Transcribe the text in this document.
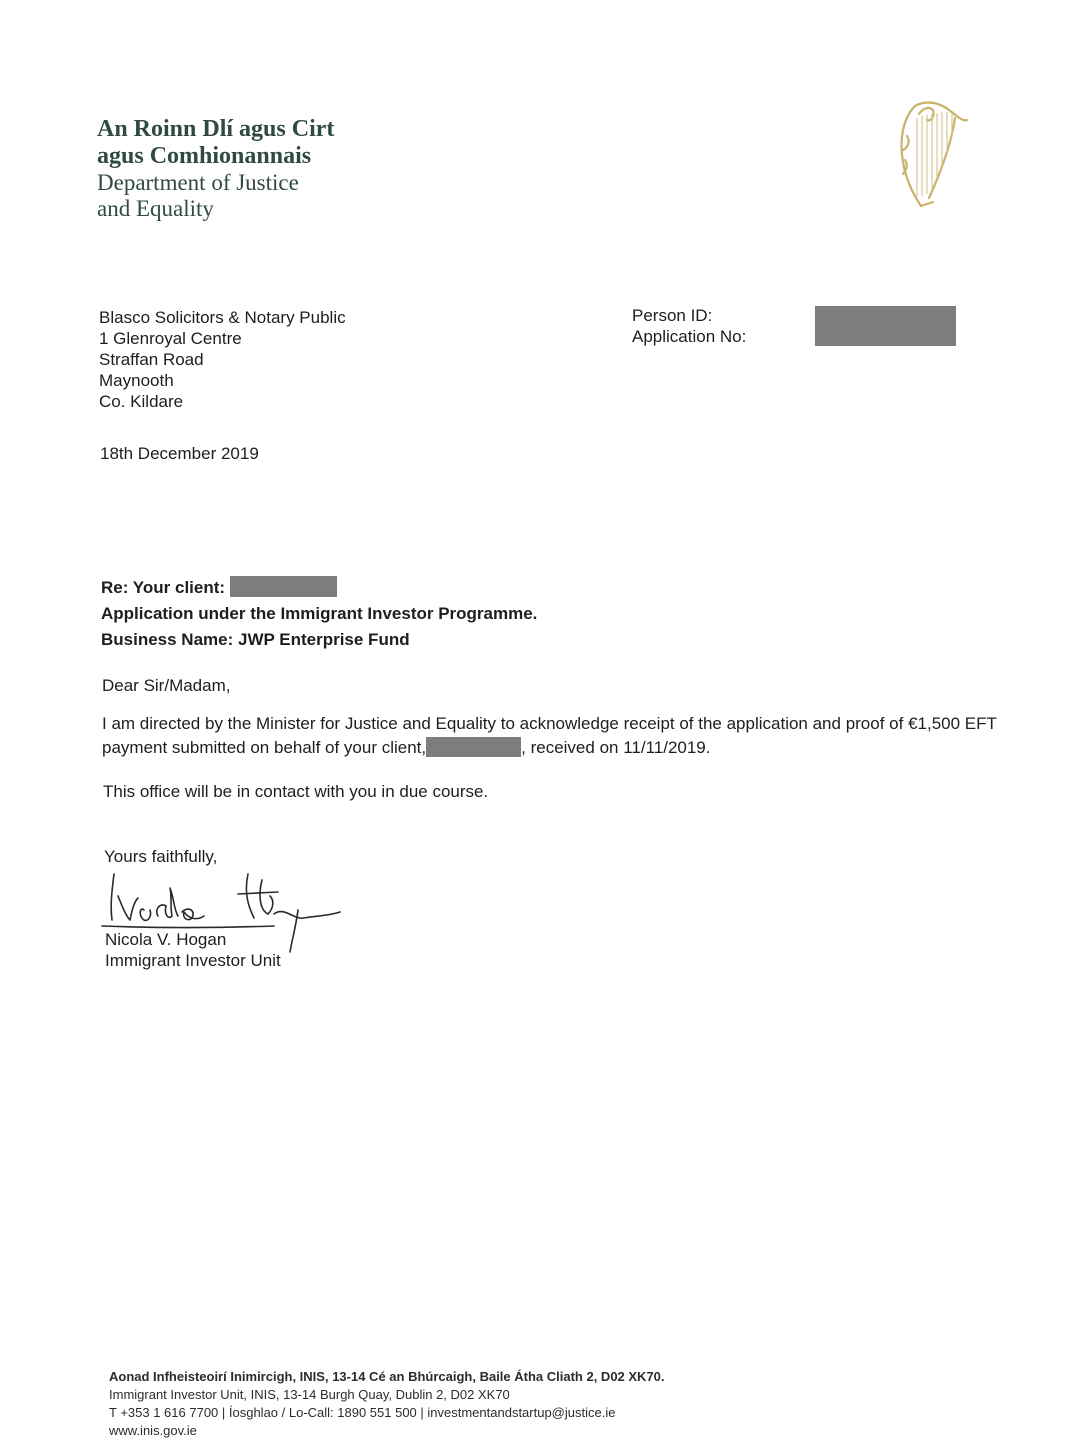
An Roinn Dlí agus Cirt
agus Comhionannais
Department of Justice
and Equality
Blasco Solicitors & Notary Public
1 Glenroyal Centre
Straffan Road
Maynooth
Co. Kildare
Person ID:
Application No:
18th December 2019
Re: Your client:
Application under the Immigrant Investor Programme.
Business Name: JWP Enterprise Fund
Dear Sir/Madam,
I am directed by the Minister for Justice and Equality to acknowledge receipt of the application and proof of €1,500 EFT payment submitted on behalf of your client,	, received on 11/11/2019.
This office will be in contact with you in due course.
Yours faithfully,
Nicola V. Hogan
Immigrant Investor Unit
Aonad Infheisteoirí Inimircigh, INIS, 13-14 Cé an Bhúrcaigh, Baile Átha Cliath 2, D02 XK70.
Immigrant Investor Unit, INIS, 13-14 Burgh Quay, Dublin 2, D02 XK70
T +353 1 616 7700 | Íosghlao / Lo-Call: 1890 551 500 | investmentandstartup@justice.ie
www.inis.gov.ie
